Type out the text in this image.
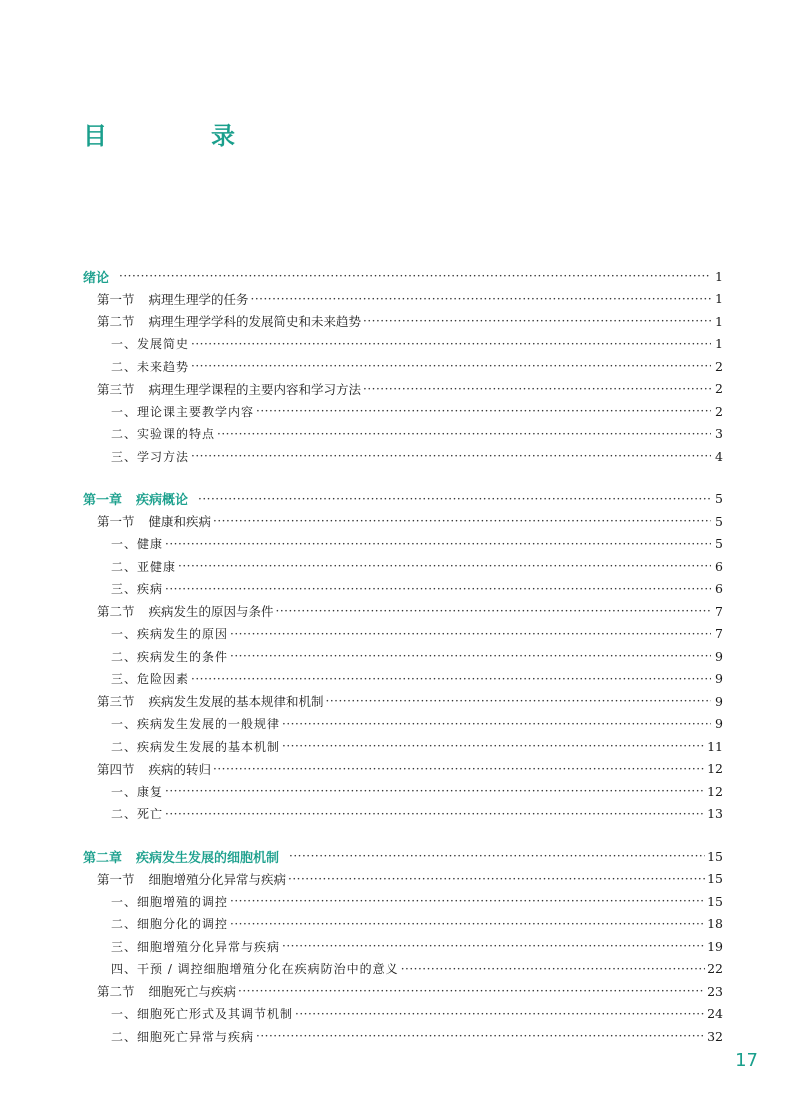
目　录
绪论 ·····	1
第一节 病理生理学的任务 ·····	1
第二节 病理生理学学科的发展简史和未来趋势 ·····	1
一、发展简史 ·····	1
二、未来趋势 ·····	2
第三节 病理生理学课程的主要内容和学习方法 ·····	2
一、理论课主要教学内容 ·····	2
二、实验课的特点 ·····	3
三、学习方法 ·····	4
第一章 疾病概论 ·····	5
第一节 健康和疾病 ·····	5
一、健康 ·····	5
二、亚健康 ·····	6
三、疾病 ·····	6
第二节 疾病发生的原因与条件 ·····	7
一、疾病发生的原因 ·····	7
二、疾病发生的条件 ·····	9
三、危险因素 ·····	9
第三节 疾病发生发展的基本规律和机制 ·····	9
一、疾病发生发展的一般规律 ·····	9
二、疾病发生发展的基本机制 ·····	11
第四节 疾病的转归 ·····	12
一、康复 ·····	12
二、死亡 ·····	13
第二章 疾病发生发展的细胞机制 ·····	15
第一节 细胞增殖分化异常与疾病 ·····	15
一、细胞增殖的调控 ·····	15
二、细胞分化的调控 ·····	18
三、细胞增殖分化异常与疾病 ·····	19
四、干预 / 调控细胞增殖分化在疾病防治中的意义 ·····	22
第二节 细胞死亡与疾病 ·····	23
一、细胞死亡形式及其调节机制 ·····	24
二、细胞死亡异常与疾病 ·····	32
17
